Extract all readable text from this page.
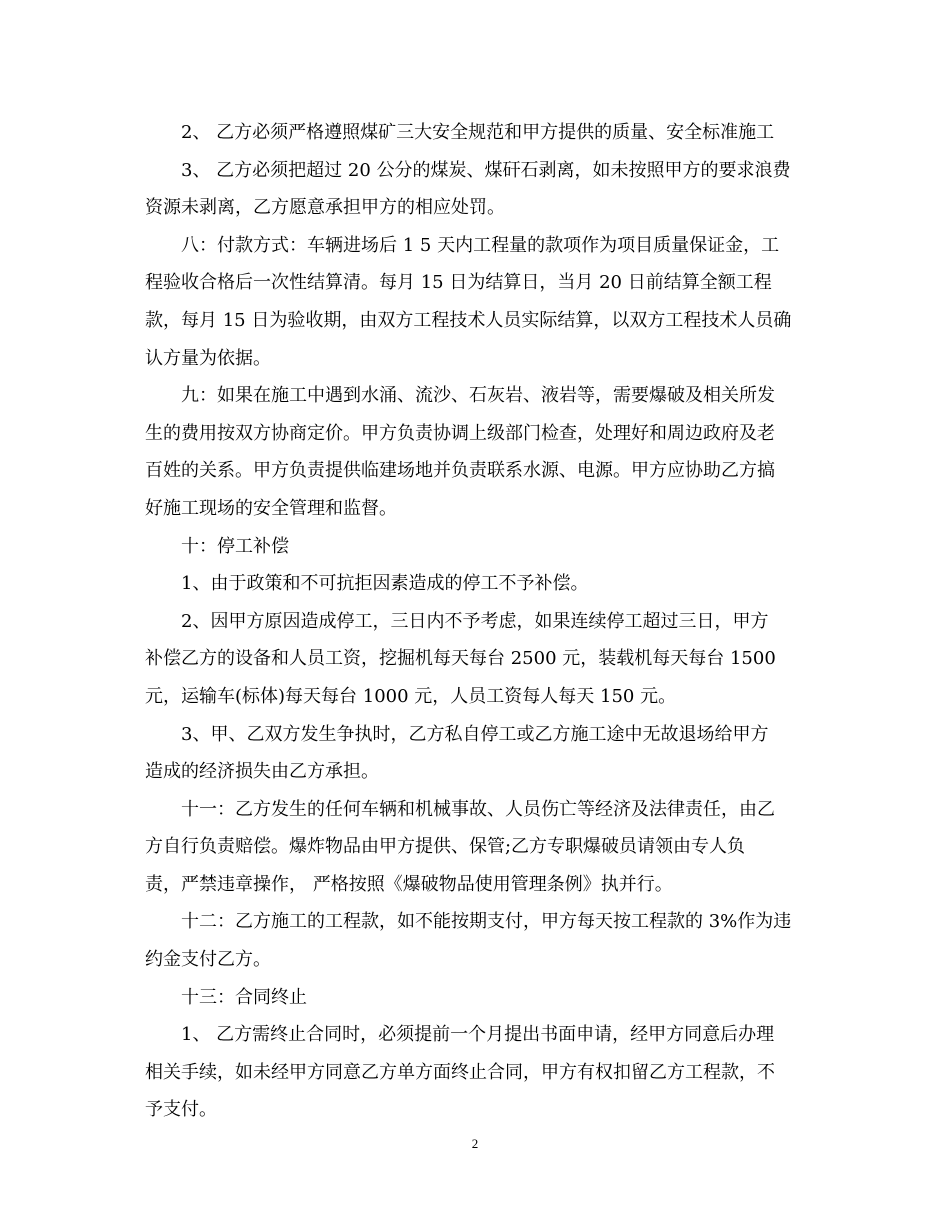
2、 乙方必须严格遵照煤矿三大安全规范和甲方提供的质量、安全标准施工
3、 乙方必须把超过 20 公分的煤炭、煤矸石剥离，如未按照甲方的要求浪费
资源未剥离，乙方愿意承担甲方的相应处罚。
八：付款方式：车辆进场后 1 5 天内工程量的款项作为项目质量保证金，工
程验收合格后一次性结算清。每月 15 日为结算日，当月 20 日前结算全额工程
款，每月 15 日为验收期，由双方工程技术人员实际结算，以双方工程技术人员确
认方量为依据。
九：如果在施工中遇到水涌、流沙、石灰岩、液岩等，需要爆破及相关所发
生的费用按双方协商定价。甲方负责协调上级部门检查，处理好和周边政府及老
百姓的关系。甲方负责提供临建场地并负责联系水源、电源。甲方应协助乙方搞
好施工现场的安全管理和监督。
十：停工补偿
1、由于政策和不可抗拒因素造成的停工不予补偿。
2、因甲方原因造成停工，三日内不予考虑，如果连续停工超过三日，甲方
补偿乙方的设备和人员工资，挖掘机每天每台 2500 元，装载机每天每台 1500
元，运输车(标体)每天每台 1000 元，人员工资每人每天 150 元。
3、甲、乙双方发生争执时，乙方私自停工或乙方施工途中无故退场给甲方
造成的经济损失由乙方承担。
十一：乙方发生的任何车辆和机械事故、人员伤亡等经济及法律责任，由乙
方自行负责赔偿。爆炸物品由甲方提供、保管;乙方专职爆破员请领由专人负
责，严禁违章操作， 严格按照《爆破物品使用管理条例》执并行。
十二：乙方施工的工程款，如不能按期支付，甲方每天按工程款的 3%作为违
约金支付乙方。
十三：合同终止
1、 乙方需终止合同时，必须提前一个月提出书面申请，经甲方同意后办理
相关手续，如未经甲方同意乙方单方面终止合同，甲方有权扣留乙方工程款，不
予支付。
2
